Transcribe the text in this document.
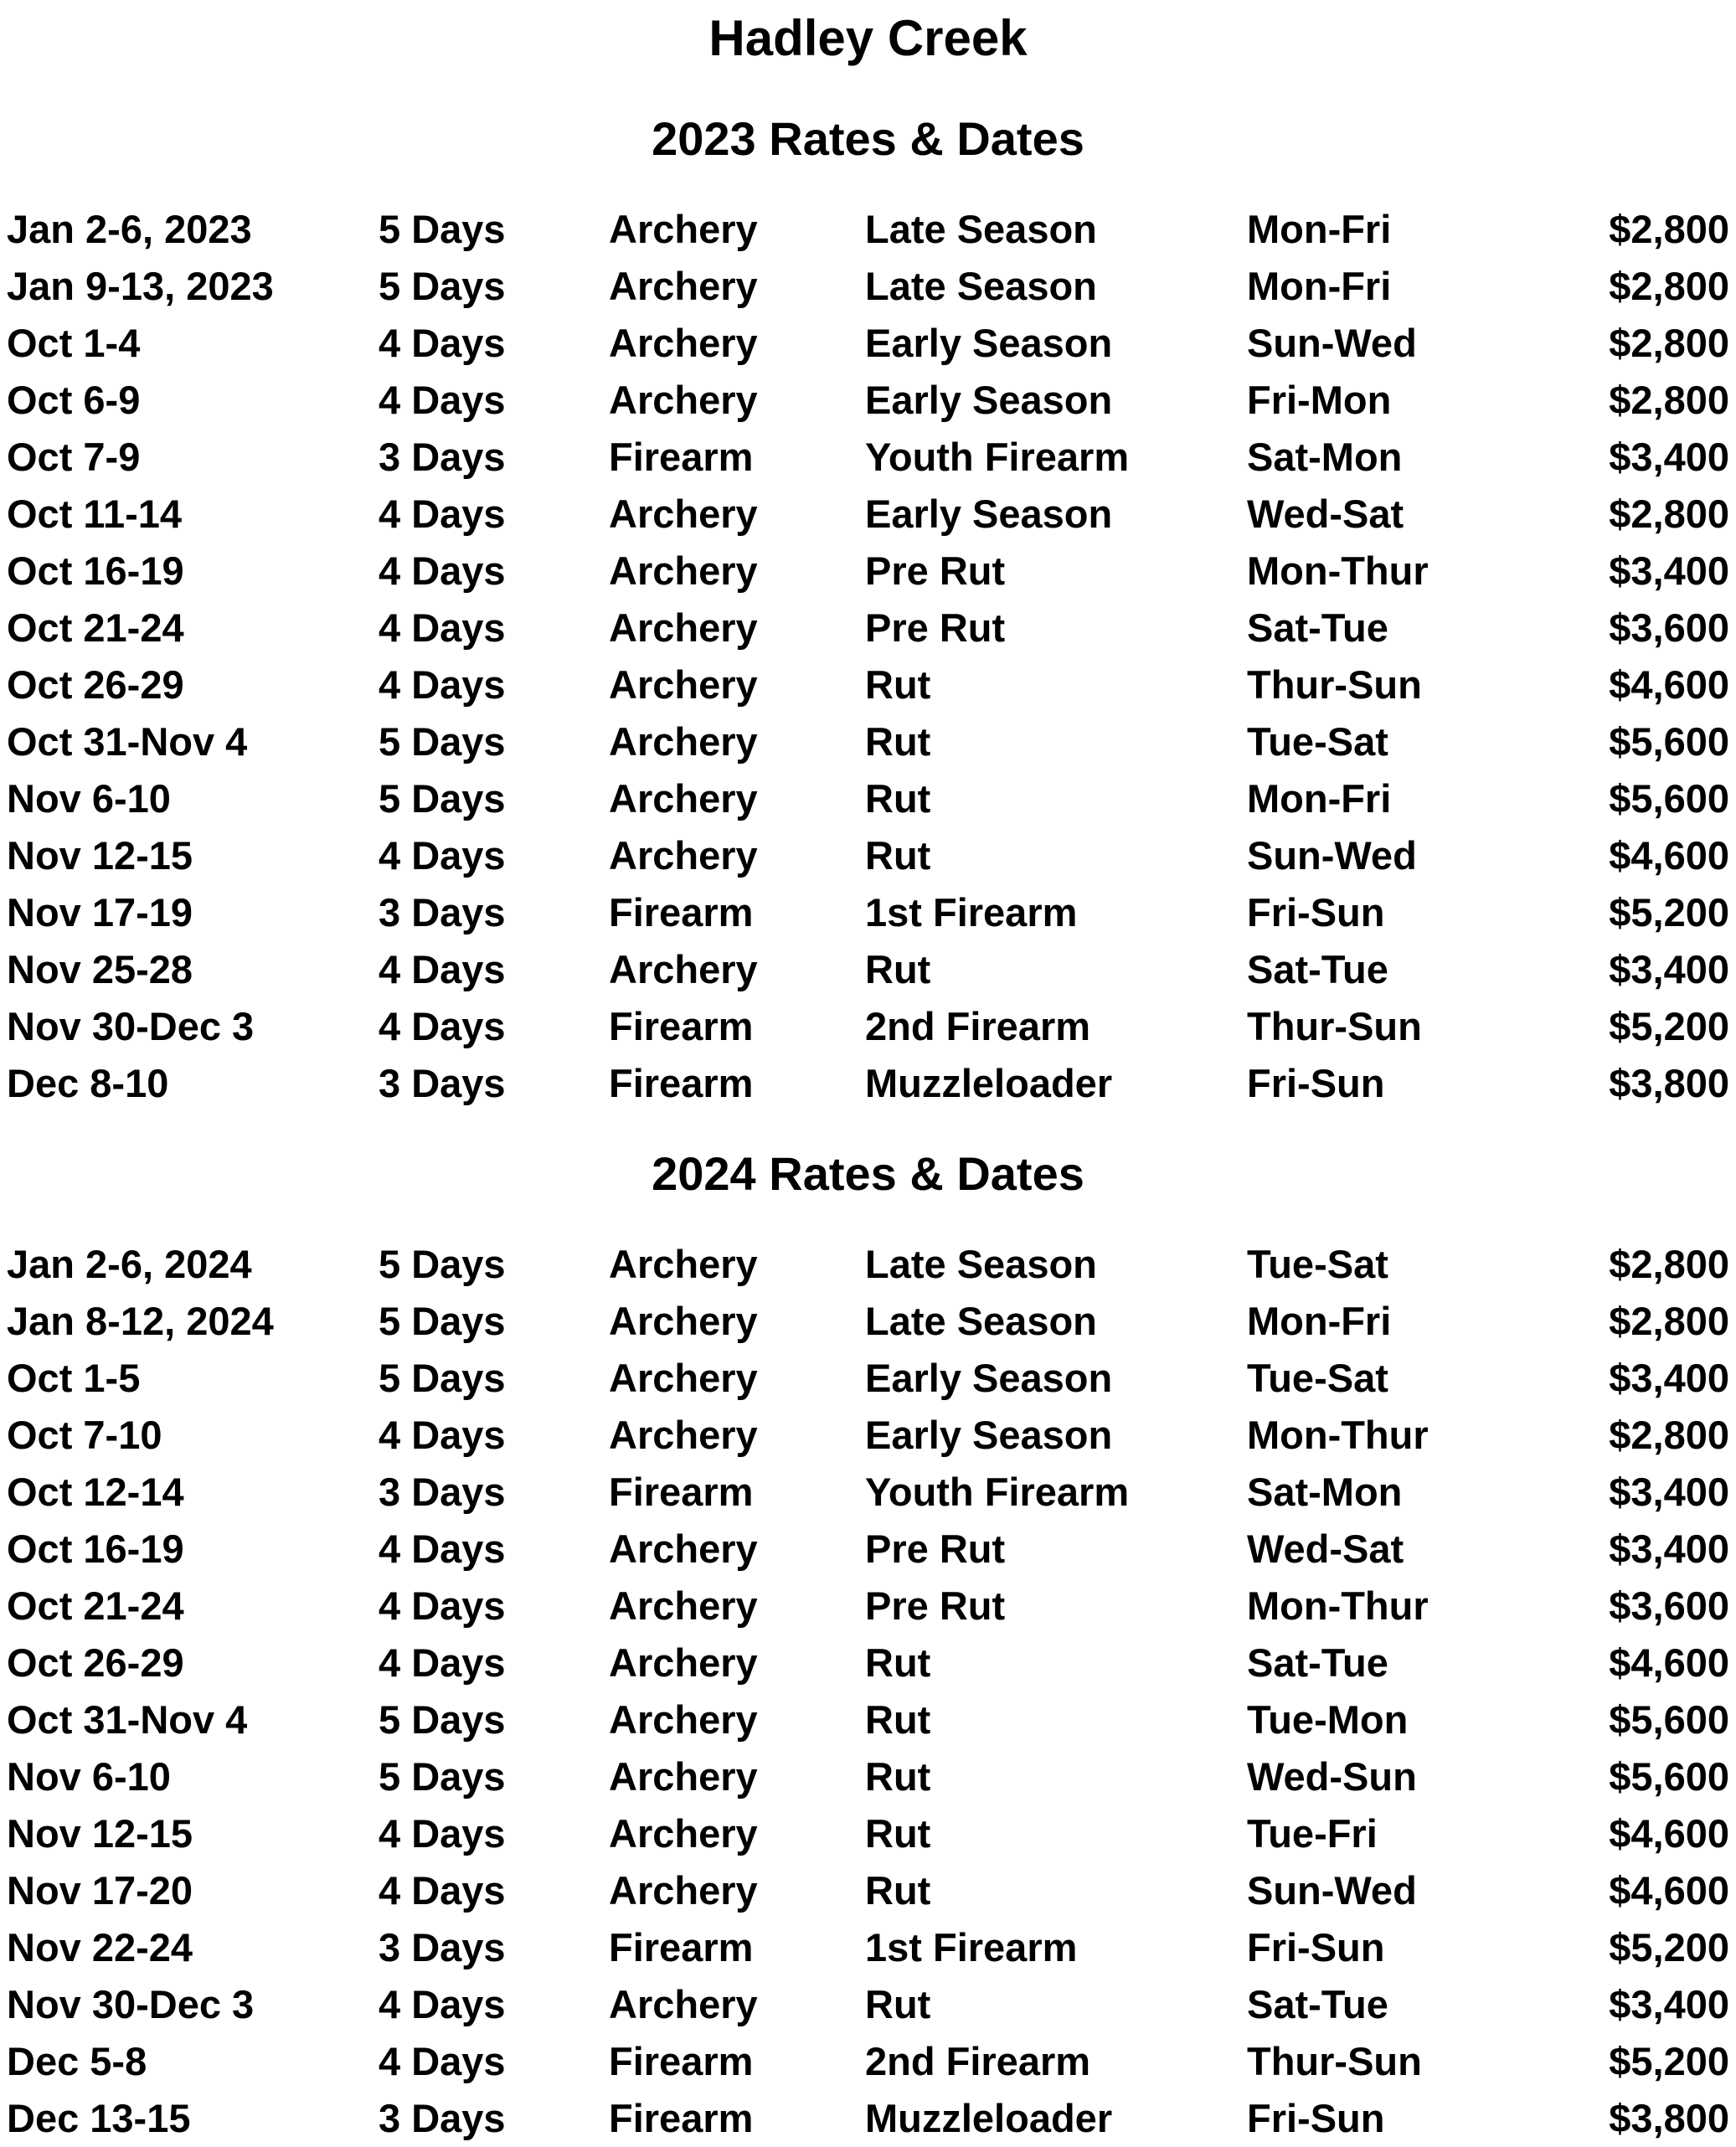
Hadley Creek
2023 Rates & Dates
Jan 2-6, 2023	5 Days	Archery	Late Season	Mon-Fri	$2,800
Jan 9-13, 2023	5 Days	Archery	Late Season	Mon-Fri	$2,800
Oct 1-4	4 Days	Archery	Early Season	Sun-Wed	$2,800
Oct 6-9	4 Days	Archery	Early Season	Fri-Mon	$2,800
Oct 7-9	3 Days	Firearm	Youth Firearm	Sat-Mon	$3,400
Oct 11-14	4 Days	Archery	Early Season	Wed-Sat	$2,800
Oct 16-19	4 Days	Archery	Pre Rut	Mon-Thur	$3,400
Oct 21-24	4 Days	Archery	Pre Rut	Sat-Tue	$3,600
Oct 26-29	4 Days	Archery	Rut	Thur-Sun	$4,600
Oct 31-Nov 4	5 Days	Archery	Rut	Tue-Sat	$5,600
Nov 6-10	5 Days	Archery	Rut	Mon-Fri	$5,600
Nov 12-15	4 Days	Archery	Rut	Sun-Wed	$4,600
Nov 17-19	3 Days	Firearm	1st Firearm	Fri-Sun	$5,200
Nov 25-28	4 Days	Archery	Rut	Sat-Tue	$3,400
Nov 30-Dec 3	4 Days	Firearm	2nd Firearm	Thur-Sun	$5,200
Dec 8-10	3 Days	Firearm	Muzzleloader	Fri-Sun	$3,800
2024 Rates & Dates
Jan 2-6, 2024	5 Days	Archery	Late Season	Tue-Sat	$2,800
Jan 8-12, 2024	5 Days	Archery	Late Season	Mon-Fri	$2,800
Oct 1-5	5 Days	Archery	Early Season	Tue-Sat	$3,400
Oct 7-10	4 Days	Archery	Early Season	Mon-Thur	$2,800
Oct 12-14	3 Days	Firearm	Youth Firearm	Sat-Mon	$3,400
Oct 16-19	4 Days	Archery	Pre Rut	Wed-Sat	$3,400
Oct 21-24	4 Days	Archery	Pre Rut	Mon-Thur	$3,600
Oct 26-29	4 Days	Archery	Rut	Sat-Tue	$4,600
Oct 31-Nov 4	5 Days	Archery	Rut	Tue-Mon	$5,600
Nov 6-10	5 Days	Archery	Rut	Wed-Sun	$5,600
Nov 12-15	4 Days	Archery	Rut	Tue-Fri	$4,600
Nov 17-20	4 Days	Archery	Rut	Sun-Wed	$4,600
Nov 22-24	3 Days	Firearm	1st Firearm	Fri-Sun	$5,200
Nov 30-Dec 3	4 Days	Archery	Rut	Sat-Tue	$3,400
Dec 5-8	4 Days	Firearm	2nd Firearm	Thur-Sun	$5,200
Dec 13-15	3 Days	Firearm	Muzzleloader	Fri-Sun	$3,800
